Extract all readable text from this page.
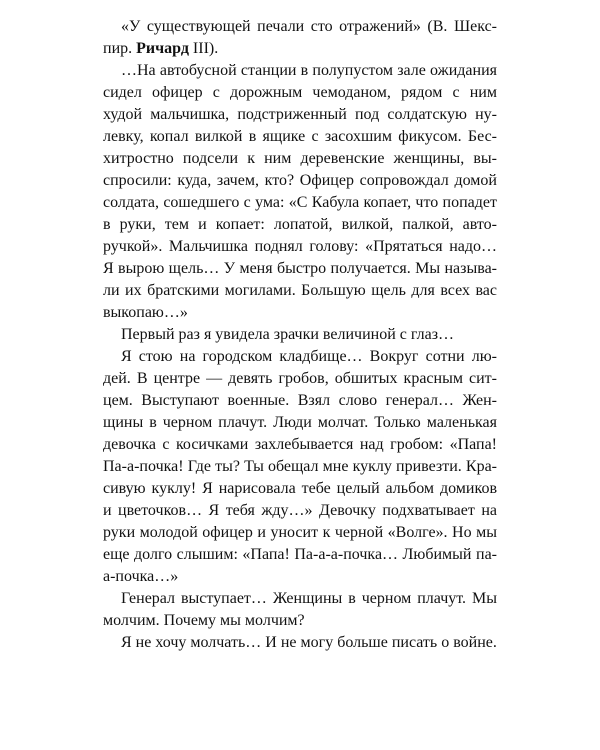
«У существующей печали сто отражений» (В. Шекс-
пир. Ричард III).

…На автобусной станции в полупустом зале ожидания
сидел офицер с дорожным чемоданом, рядом с ним
худой мальчишка, подстриженный под солдатскую ну-
левку, копал вилкой в ящике с засохшим фикусом. Бес-
хитростно подсели к ним деревенские женщины, вы-
спросили: куда, зачем, кто? Офицер сопровождал домой
солдата, сошедшего с ума: «С Кабула копает, что попадет
в руки, тем и копает: лопатой, вилкой, палкой, авто-
ручкой». Мальчишка поднял голову: «Прятаться надо…
Я вырою щель… У меня быстро получается. Мы называ-
ли их братскими могилами. Большую щель для всех вас
выкопаю…»

Первый раз я увидела зрачки величиной с глаз…

Я стою на городском кладбище… Вокруг сотни лю-
дей. В центре — девять гробов, обшитых красным сит-
цем. Выступают военные. Взял слово генерал… Жен-
щины в черном плачут. Люди молчат. Только маленькая
девочка с косичками захлебывается над гробом: «Папа!
Па-а-почка! Где ты? Ты обещал мне куклу привезти. Кра-
сивую куклу! Я нарисовала тебе целый альбом домиков
и цветочков… Я тебя жду…» Девочку подхватывает на
руки молодой офицер и уносит к черной «Волге». Но мы
еще долго слышим: «Папа! Па-а-а-почка… Любимый па-
а-почка…»

Генерал выступает… Женщины в черном плачут. Мы
молчим. Почему мы молчим?

Я не хочу молчать… И не могу больше писать о войне.
